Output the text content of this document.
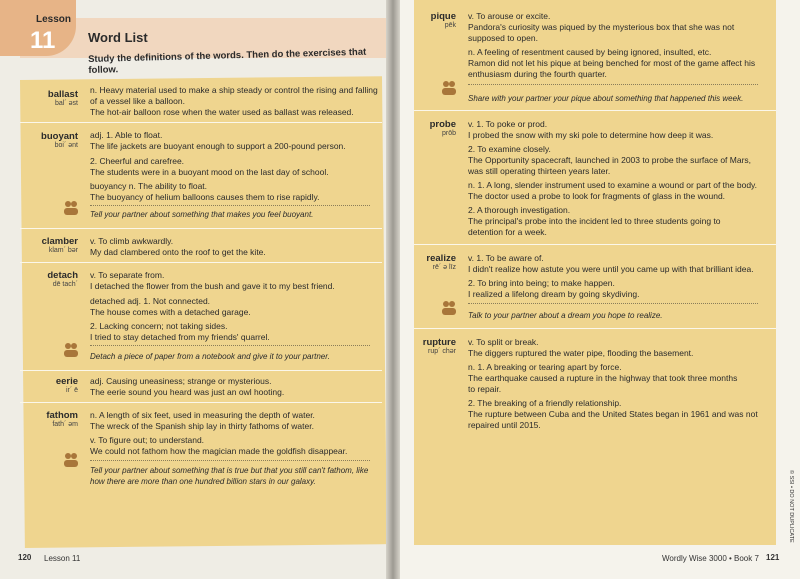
Lesson
11	Word List
Study the definitions of the words. Then do the exercises that follow.
ballast
bal´ əst
n. Heavy material used to make a ship steady or control the rising and falling
of a vessel like a balloon.
The hot-air balloon rose when the water used as ballast was released.
buoyant
boi´ ənt
adj. 1. Able to float.
The life jackets are buoyant enough to support a 200-pound person.
2. Cheerful and carefree.
The students were in a buoyant mood on the last day of school.
buoyancy n. The ability to float.
The buoyancy of helium balloons causes them to rise rapidly.
Tell your partner about something that makes you feel buoyant.
clamber
klam´ bər
v. To climb awkwardly.
My dad clambered onto the roof to get the kite.
detach
dē tach´
v. To separate from.
I detached the flower from the bush and gave it to my best friend.
detached adj. 1. Not connected.
The house comes with a detached garage.
2. Lacking concern; not taking sides.
I tried to stay detached from my friends' quarrel.
Detach a piece of paper from a notebook and give it to your partner.
eerie
ir´ ē
adj. Causing uneasiness; strange or mysterious.
The eerie sound you heard was just an owl hooting.
fathom
fath´ əm
n. A length of six feet, used in measuring the depth of water.
The wreck of the Spanish ship lay in thirty fathoms of water.
v. To figure out; to understand.
We could not fathom how the magician made the goldfish disappear.
Tell your partner about something that is true but that you still can't fathom, like
how there are more than one hundred billion stars in our galaxy.
120 Lesson 11
pique
pēk
v. To arouse or excite.
Pandora's curiosity was piqued by the mysterious box that she was not
supposed to open.
n. A feeling of resentment caused by being ignored, insulted, etc.
Ramon did not let his pique at being benched for most of the game affect his
enthusiasm during the fourth quarter.
Share with your partner your pique about something that happened this week.
probe
prōb
v. 1. To poke or prod.
I probed the snow with my ski pole to determine how deep it was.
2. To examine closely.
The Opportunity spacecraft, launched in 2003 to probe the surface of Mars,
was still operating thirteen years later.
n. 1. A long, slender instrument used to examine a wound or part of the body.
The doctor used a probe to look for fragments of glass in the wound.
2. A thorough investigation.
The principal's probe into the incident led to three students going to
detention for a week.
realize
rē´ ə līz
v. 1. To be aware of.
I didn't realize how astute you were until you came up with that brilliant idea.
2. To bring into being; to make happen.
I realized a lifelong dream by going skydiving.
Talk to your partner about a dream you hope to realize.
rupture
rup´ chər
v. To split or break.
The diggers ruptured the water pipe, flooding the basement.
n. 1. A breaking or tearing apart by force.
The earthquake caused a rupture in the highway that took three months
to repair.
2. The breaking of a friendly relationship.
The rupture between Cuba and the United States began in 1961 and was not
repaired until 2015.
© SSI • DO NOT DUPLICATE
Wordly Wise 3000 • Book 7 121
